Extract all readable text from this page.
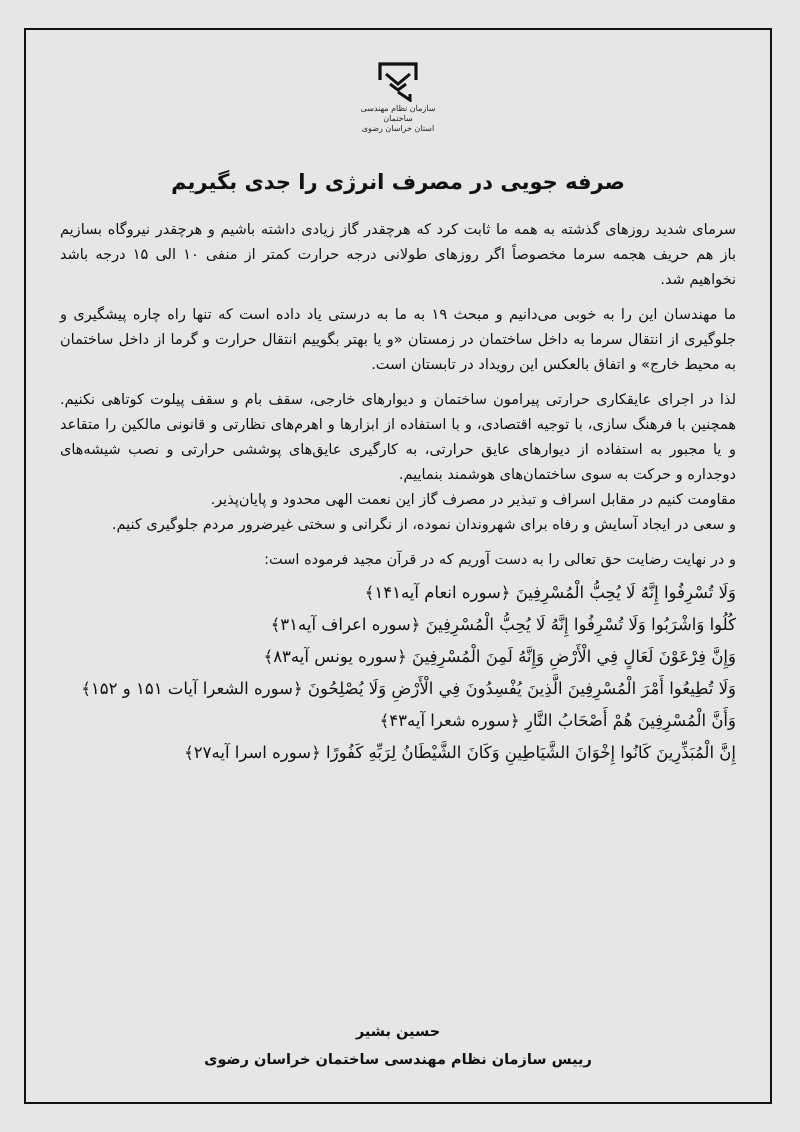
سازمان نظام مهندسی ساختمان
استان خراسان رضوی
صرفه جویی در مصرف انرژی را جدی بگیریم

سرمای شدید روزهای گذشته به همه ما ثابت کرد که هرچقدر گاز زیادی داشته باشیم و هرچقدر نیروگاه بسازیم باز هم حریف هجمه سرما مخصوصاً اگر روزهای طولانی درجه حرارت کمتر از منفی ۱۰ الی ۱۵ درجه باشد نخواهیم شد.

ما مهندسان این را به خوبی می‌دانیم و مبحث ۱۹ به ما به درستی یاد داده است که تنها راه چاره پیشگیری و جلوگیری از انتقال سرما به داخل ساختمان در زمستان «و یا بهتر بگوییم انتقال حرارت و گرما از داخل ساختمان به محیط خارج» و اتفاق بالعکس این رویداد در تابستان است.

لذا در اجرای عایقکاری حرارتی پیرامون ساختمان و دیوارهای خارجی، سقف بام و سقف پیلوت کوتاهی نکنیم. همچنین با فرهنگ سازی، با توجیه اقتصادی، و با استفاده از ابزارها و اهرم‌های نظارتی و قانونی مالکین را متقاعد و یا مجبور به استفاده از دیوارهای عایق حرارتی، به کارگیری عایق‌های پوششی حرارتی و نصب شیشه‌های دوجداره و حرکت به سوی ساختمان‌های هوشمند بنماییم.

مقاومت کنیم در مقابل اسراف و تبذیر در مصرف گاز این نعمت الهی محدود و پایان‌پذیر.

و سعی در ایجاد آسایش و رفاه برای شهروندان نموده، از نگرانی و سختی غیرضرور مردم جلوگیری کنیم.

و در نهایت رضایت حق تعالی را به دست آوریم که در قرآن مجید فرموده است:

وَلَا تُسْرِفُوا إِنَّهُ لَا يُحِبُّ الْمُسْرِفِينَ ﴿سوره انعام آیه۱۴۱﴾
كُلُوا وَاشْرَبُوا وَلَا تُسْرِفُوا إِنَّهُ لَا يُحِبُّ الْمُسْرِفِينَ ﴿سوره اعراف آیه۳۱﴾
وَإِنَّ فِرْعَوْنَ لَعَالٍ فِي الْأَرْضِ وَإِنَّهُ لَمِنَ الْمُسْرِفِينَ ﴿سوره یونس آیه۸۳﴾
وَلَا تُطِيعُوا أَمْرَ الْمُسْرِفِينَ الَّذِينَ يُفْسِدُونَ فِي الْأَرْضِ وَلَا يُصْلِحُونَ ﴿سوره الشعرا آیات ۱۵۱ و ۱۵۲﴾
وَأَنَّ الْمُسْرِفِينَ هُمْ أَصْحَابُ النَّارِ ﴿سوره شعرا آیه۴۳﴾
إِنَّ الْمُبَذِّرِينَ كَانُوا إِخْوَانَ الشَّيَاطِينِ وَكَانَ الشَّيْطَانُ لِرَبِّهِ كَفُورًا ﴿سوره اسرا آیه۲۷﴾
حسین بشیر
رییس سازمان نظام مهندسی ساختمان خراسان رضوی
